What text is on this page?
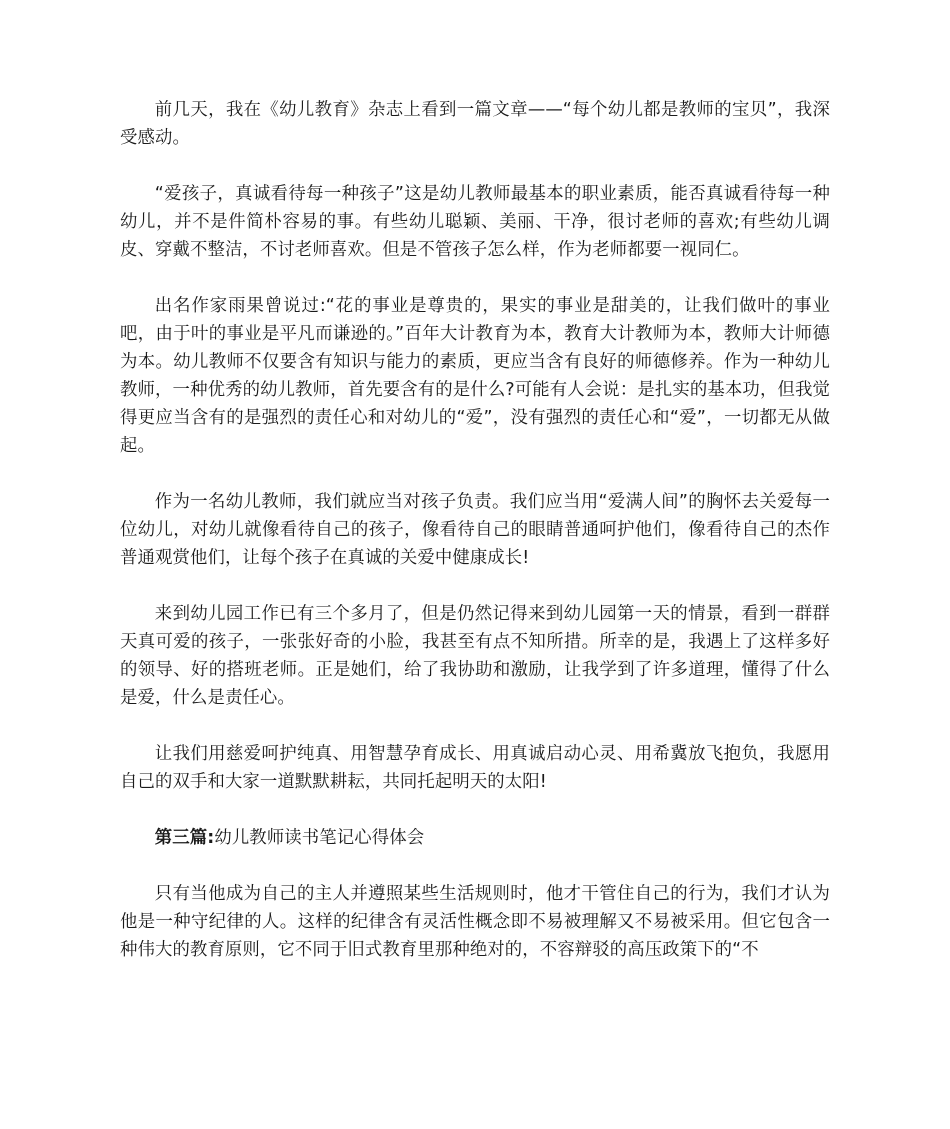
前几天，我在《幼儿教育》杂志上看到一篇文章——“每个幼儿都是教师的宝贝”，我深受感动。

“爱孩子，真诚看待每一种孩子”这是幼儿教师最基本的职业素质，能否真诚看待每一种幼儿，并不是件简朴容易的事。有些幼儿聪颖、美丽、干净，很讨老师的喜欢;有些幼儿调皮、穿戴不整洁，不讨老师喜欢。但是不管孩子怎么样，作为老师都要一视同仁。

出名作家雨果曾说过:“花的事业是尊贵的，果实的事业是甜美的，让我们做叶的事业吧，由于叶的事业是平凡而谦逊的。”百年大计教育为本，教育大计教师为本，教师大计师德为本。幼儿教师不仅要含有知识与能力的素质，更应当含有良好的师德修养。作为一种幼儿教师，一种优秀的幼儿教师，首先要含有的是什么?可能有人会说：是扎实的基本功，但我觉得更应当含有的是强烈的责任心和对幼儿的“爱”，没有强烈的责任心和“爱”，一切都无从做起。

作为一名幼儿教师，我们就应当对孩子负责。我们应当用“爱满人间”的胸怀去关爱每一位幼儿，对幼儿就像看待自己的孩子，像看待自己的眼睛普通呵护他们，像看待自己的杰作普通观赏他们，让每个孩子在真诚的关爱中健康成长!

来到幼儿园工作已有三个多月了，但是仍然记得来到幼儿园第一天的情景，看到一群群天真可爱的孩子，一张张好奇的小脸，我甚至有点不知所措。所幸的是，我遇上了这样多好的领导、好的搭班老师。正是她们，给了我协助和激励，让我学到了许多道理，懂得了什么是爱，什么是责任心。

让我们用慈爱呵护纯真、用智慧孕育成长、用真诚启动心灵、用希冀放飞抱负，我愿用自己的双手和大家一道默默耕耘，共同托起明天的太阳!

第三篇:幼儿教师读书笔记心得体会

只有当他成为自己的主人并遵照某些生活规则时，他才干管住自己的行为，我们才认为他是一种守纪律的人。这样的纪律含有灵活性概念即不易被理解又不易被采用。但它包含一种伟大的教育原则，它不同于旧式教育里那种绝对的，不容辩驳的高压政策下的“不
